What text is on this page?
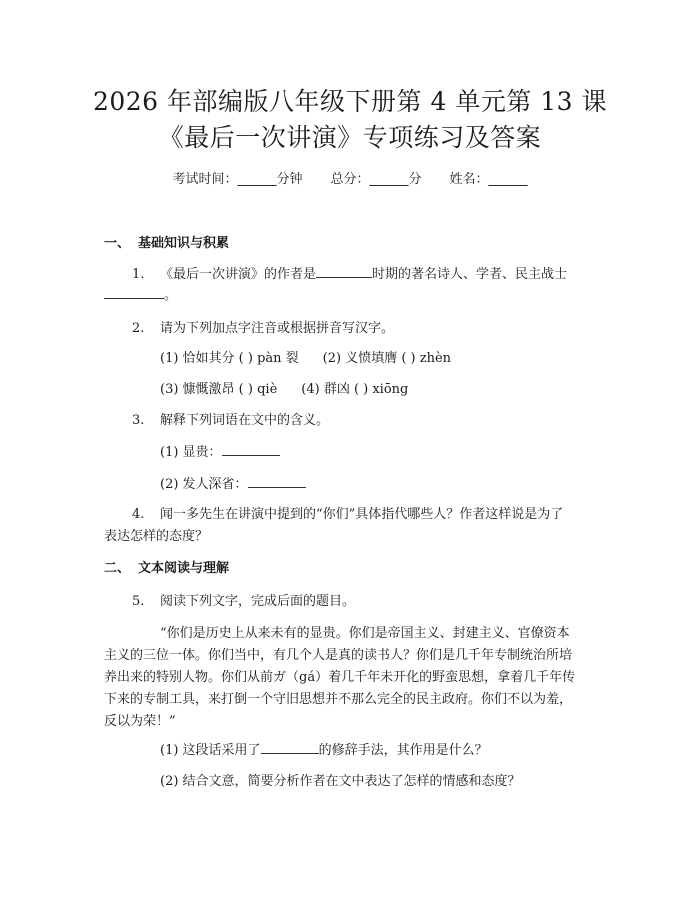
2026 年部编版八年级下册第 4 单元第 13 课
《最后一次讲演》专项练习及答案
考试时间：______分钟 总分：______分 姓名：______
一、 基础知识与积累
1. 《最后一次讲演》的作者是	时期的著名诗人、学者、民主战士
。
2. 请为下列加点字注音或根据拼音写汉字。
(1) 恰如其分 ( ) pàn 裂 (2) 义愤填膺 ( ) zhèn
(3) 慷慨激昂 ( ) qiè (4) 群凶 ( ) xiōng
3. 解释下列词语在文中的含义。
(1) 显贵：
(2) 发人深省：
4. 闻一多先生在讲演中提到的“你们”具体指代哪些人？作者这样说是为了
表达怎样的态度？
二、 文本阅读与理解
5. 阅读下列文字，完成后面的题目。
“你们是历史上从来未有的显贵。你们是帝国主义、封建主义、官僚资本
主义的三位一体。你们当中，有几个人是真的读书人？你们是几千年专制统治所培
养出来的特别人物。你们从前ガ（gá）着几千年未开化的野蛮思想，拿着几千年传
下来的专制工具，来打倒一个守旧思想并不那么完全的民主政府。你们不以为羞，
反以为荣！”
(1) 这段话采用了	的修辞手法，其作用是什么？
(2) 结合文意，简要分析作者在文中表达了怎样的情感和态度？
